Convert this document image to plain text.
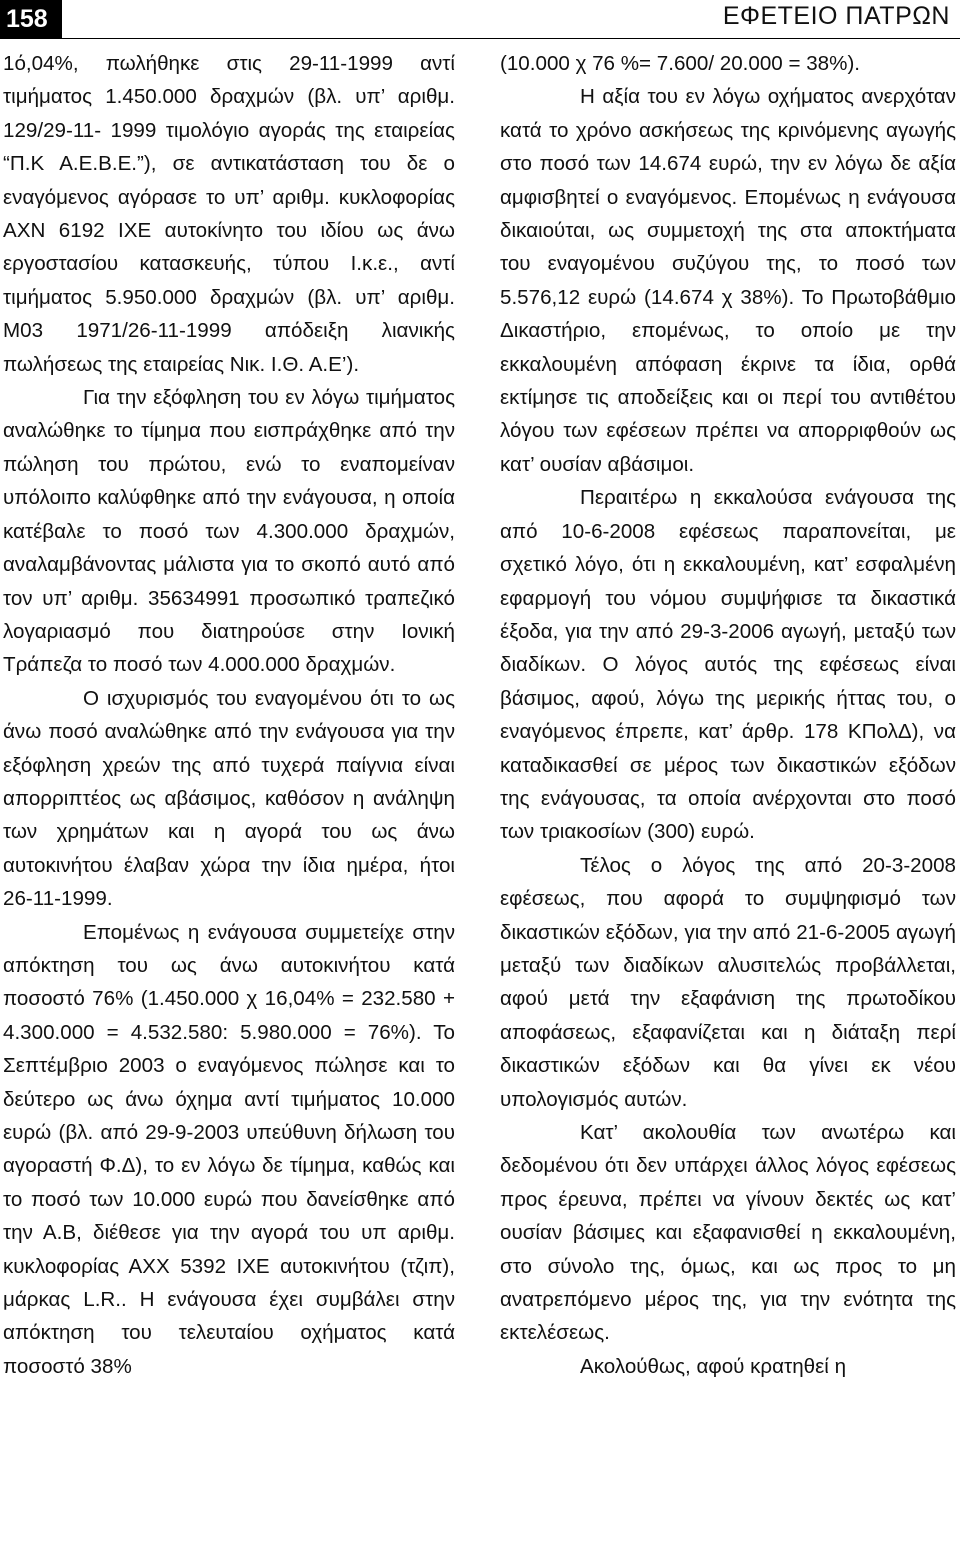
158	ΕΦΕΤΕΙΟ ΠΑΤΡΩΝ

1ό,04%, πωλήθηκε στις 29-11-1999 αντί τιμήματος 1.450.000 δραχμών (βλ. υπ’ αριθμ. 129/29-11- 1999 τιμολόγιο αγοράς της εταιρείας “Π.Κ Α.Ε.Β.Ε.”), σε αντικατάσταση του δε ο εναγόμενος αγόρασε το υπ’ αριθμ. κυκλοφορίας ΑΧΝ 6192 ΙΧΕ αυτοκίνητο του ιδίου ως άνω εργοστασίου κατασκευής, τύπου Ι.κ.ε., αντί τιμήματος 5.950.000 δραχμών (βλ. υπ’ αριθμ. Μ03 1971/26-11-1999 απόδειξη λιανικής πωλήσεως της εταιρείας Νικ. Ι.Θ. Α.Ε’).

Για την εξόφληση του εν λόγω τιμήματος αναλώθηκε το τίμημα που εισπράχθηκε από την πώληση του πρώτου, ενώ το εναπομείναν υπόλοιπο καλύφθηκε από την ενάγουσα, η οποία κατέβαλε το ποσό των 4.300.000 δραχμών, αναλαμβάνοντας μάλιστα για το σκοπό αυτό από τον υπ’ αριθμ. 35634991 προσωπικό τραπεζικό λογαριασμό που διατηρούσε στην Ιονική Τράπεζα το ποσό των 4.000.000 δραχμών.

Ο ισχυρισμός του εναγομένου ότι το ως άνω ποσό αναλώθηκε από την ενάγουσα για την εξόφληση χρεών της από τυχερά παίγνια είναι απορριπτέος ως αβάσιμος, καθόσον η ανάληψη των χρημάτων και η αγορά του ως άνω αυτοκινήτου έλαβαν χώρα την ίδια ημέρα, ήτοι 26-11-1999.

Επομένως η ενάγουσα συμμετείχε στην απόκτηση του ως άνω αυτοκινήτου κατά ποσοστό 76% (1.450.000 χ 16,04% = 232.580 + 4.300.000 = 4.532.580: 5.980.000 = 76%). Το Σεπτέμβριο 2003 ο εναγόμενος πώλησε και το δεύτερο ως άνω όχημα αντί τιμήματος 10.000 ευρώ (βλ. από 29-9-2003 υπεύθυνη δήλωση του αγοραστή Φ.Δ), το εν λόγω δε τίμημα, καθώς και το ποσό των 10.000 ευρώ που δανείσθηκε από την Α.Β, διέθεσε για την αγορά του υπ αριθμ. κυκλοφορίας ΑΧΧ 5392 ΙΧΕ αυτοκινήτου (τζιπ), μάρκας L.R.. Η ενάγουσα έχει συμβάλει στην απόκτηση του τελευταίου οχήματος κατά ποσοστό 38%

(10.000 χ 76 %= 7.600/ 20.000 = 38%).

Η αξία του εν λόγω οχήματος ανερχόταν κατά το χρόνο ασκήσεως της κρινόμενης αγωγής στο ποσό των 14.674 ευρώ, την εν λόγω δε αξία αμφισβητεί ο εναγόμενος. Επομένως η ενάγουσα δικαιούται, ως συμμετοχή της στα αποκτήματα του εναγομένου συζύγου της, το ποσό των 5.576,12 ευρώ (14.674 χ 38%). Το Πρωτοβάθμιο Δικαστήριο, επομένως, το οποίο με την εκκαλουμένη απόφαση έκρινε τα ίδια, ορθά εκτίμησε τις αποδείξεις και οι περί του αντιθέτου λόγου των εφέσεων πρέπει να απορριφθούν ως κατ’ ουσίαν αβάσιμοι.

Περαιτέρω η εκκαλούσα ενάγουσα της από 10-6-2008 εφέσεως παραπονείται, με σχετικό λόγο, ότι η εκκαλουμένη, κατ’ εσφαλμένη εφαρμογή του νόμου συμψήφισε τα δικαστικά έξοδα, για την από 29-3-2006 αγωγή, μεταξύ των διαδίκων. Ο λόγος αυτός της εφέσεως είναι βάσιμος, αφού, λόγω της μερικής ήττας του, ο εναγόμενος έπρεπε, κατ’ άρθρ. 178 ΚΠολΔ), να καταδικασθεί σε μέρος των δικαστικών εξόδων της ενάγουσας, τα οποία ανέρχονται στο ποσό των τριακοσίων (300) ευρώ.

Τέλος ο λόγος της από 20-3-2008 εφέσεως, που αφορά το συμψηφισμό των δικαστικών εξόδων, για την από 21-6-2005 αγωγή μεταξύ των διαδίκων αλυσιτελώς προβάλλεται, αφού μετά την εξαφάνιση της πρωτοδίκου αποφάσεως, εξαφανίζεται και η διάταξη περί δικαστικών εξόδων και θα γίνει εκ νέου υπολογισμός αυτών.

Κατ’ ακολουθία των ανωτέρω και δεδομένου ότι δεν υπάρχει άλλος λόγος εφέσεως προς έρευνα, πρέπει να γίνουν δεκτές ως κατ’ ουσίαν βάσιμες και εξαφανισθεί η εκκαλουμένη, στο σύνολο της, όμως, και ως προς το μη ανατρεπόμενο μέρος της, για την ενότητα της εκτελέσεως.

Ακολούθως, αφού κρατηθεί η
